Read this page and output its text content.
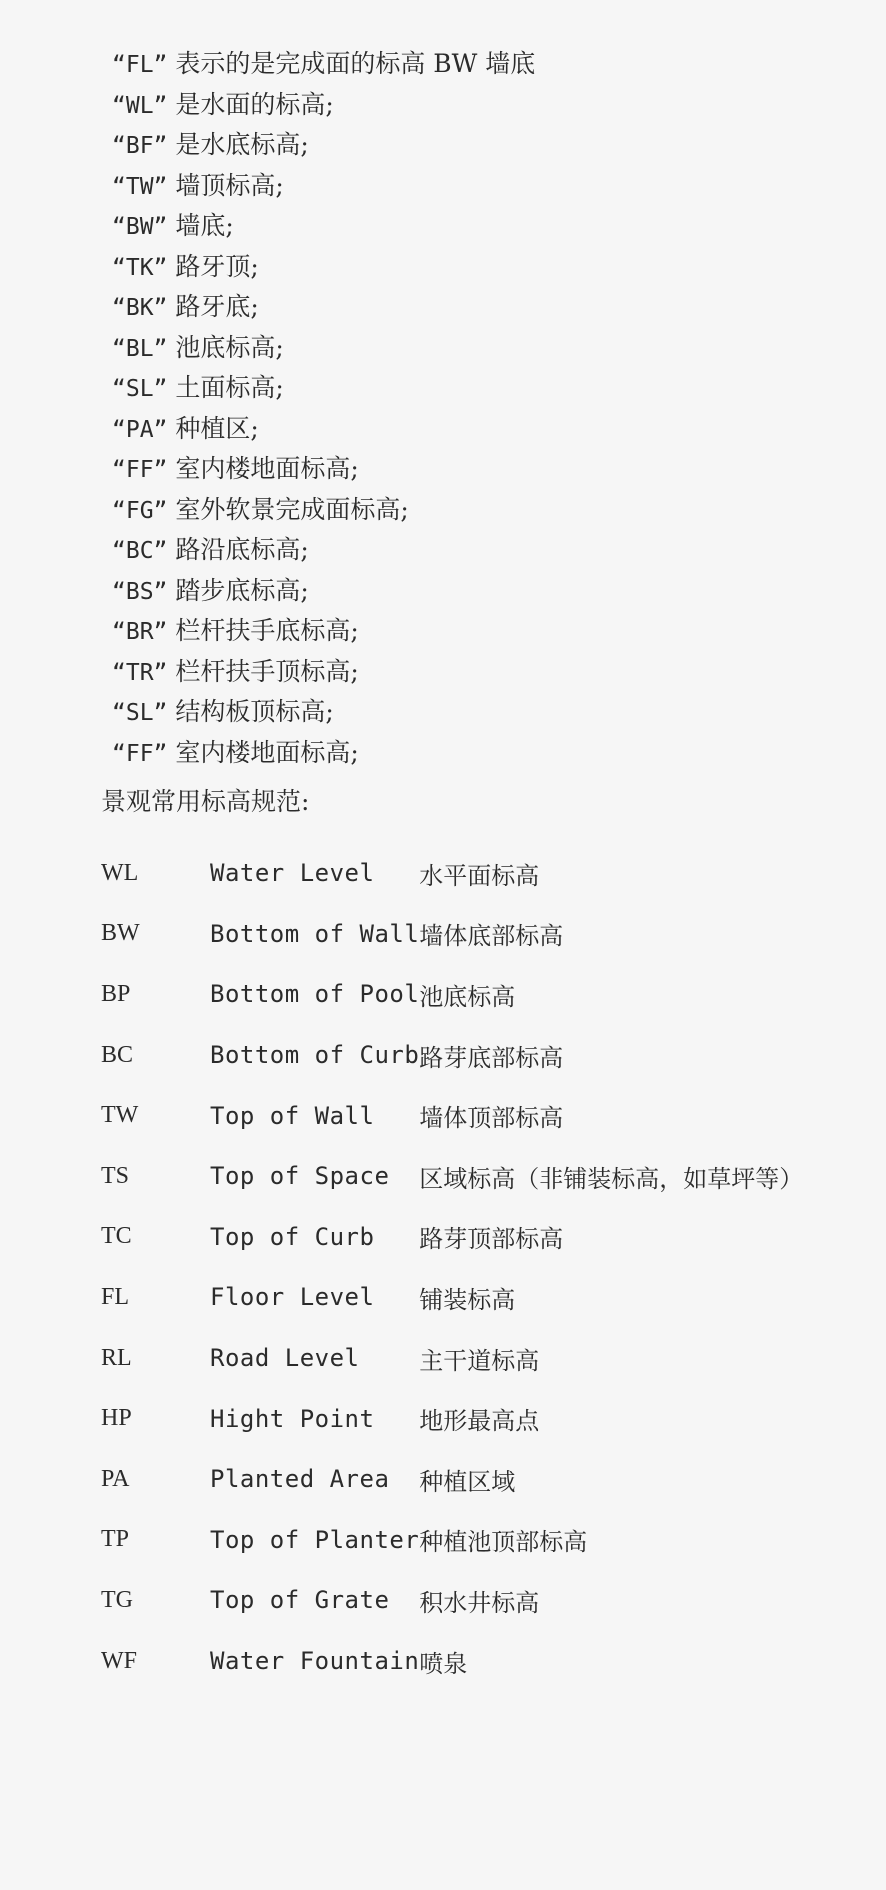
“FL” 表示的是完成面的标高 BW 墙底
“WL” 是水面的标高;
“BF” 是水底标高;
“TW” 墙顶标高;
“BW” 墙底;
“TK” 路牙顶;
“BK” 路牙底;
“BL” 池底标高;
“SL” 土面标高;
“PA” 种植区;
“FF” 室内楼地面标高;
“FG” 室外软景完成面标高;
“BC” 路沿底标高;
“BS” 踏步底标高;
“BR” 栏杆扶手底标高;
“TR” 栏杆扶手顶标高;
“SL” 结构板顶标高;
“FF” 室内楼地面标高;
景观常用标高规范:
WL	Water Level	水平面标高
BW	Bottom of Wall	墙体底部标高
BP	Bottom of Pool	池底标高
BC	Bottom of Curb	路芽底部标高
TW	Top of Wall	墙体顶部标高
TS	Top of Space	区域标高（非铺装标高，如草坪等）
TC	Top of Curb	路芽顶部标高
FL	Floor Level	铺装标高
RL	Road Level	主干道标高
HP	Hight Point	地形最高点
PA	Planted Area	种植区域
TP	Top of Planter	种植池顶部标高
TG	Top of Grate	积水井标高
WF	Water Fountain	喷泉
